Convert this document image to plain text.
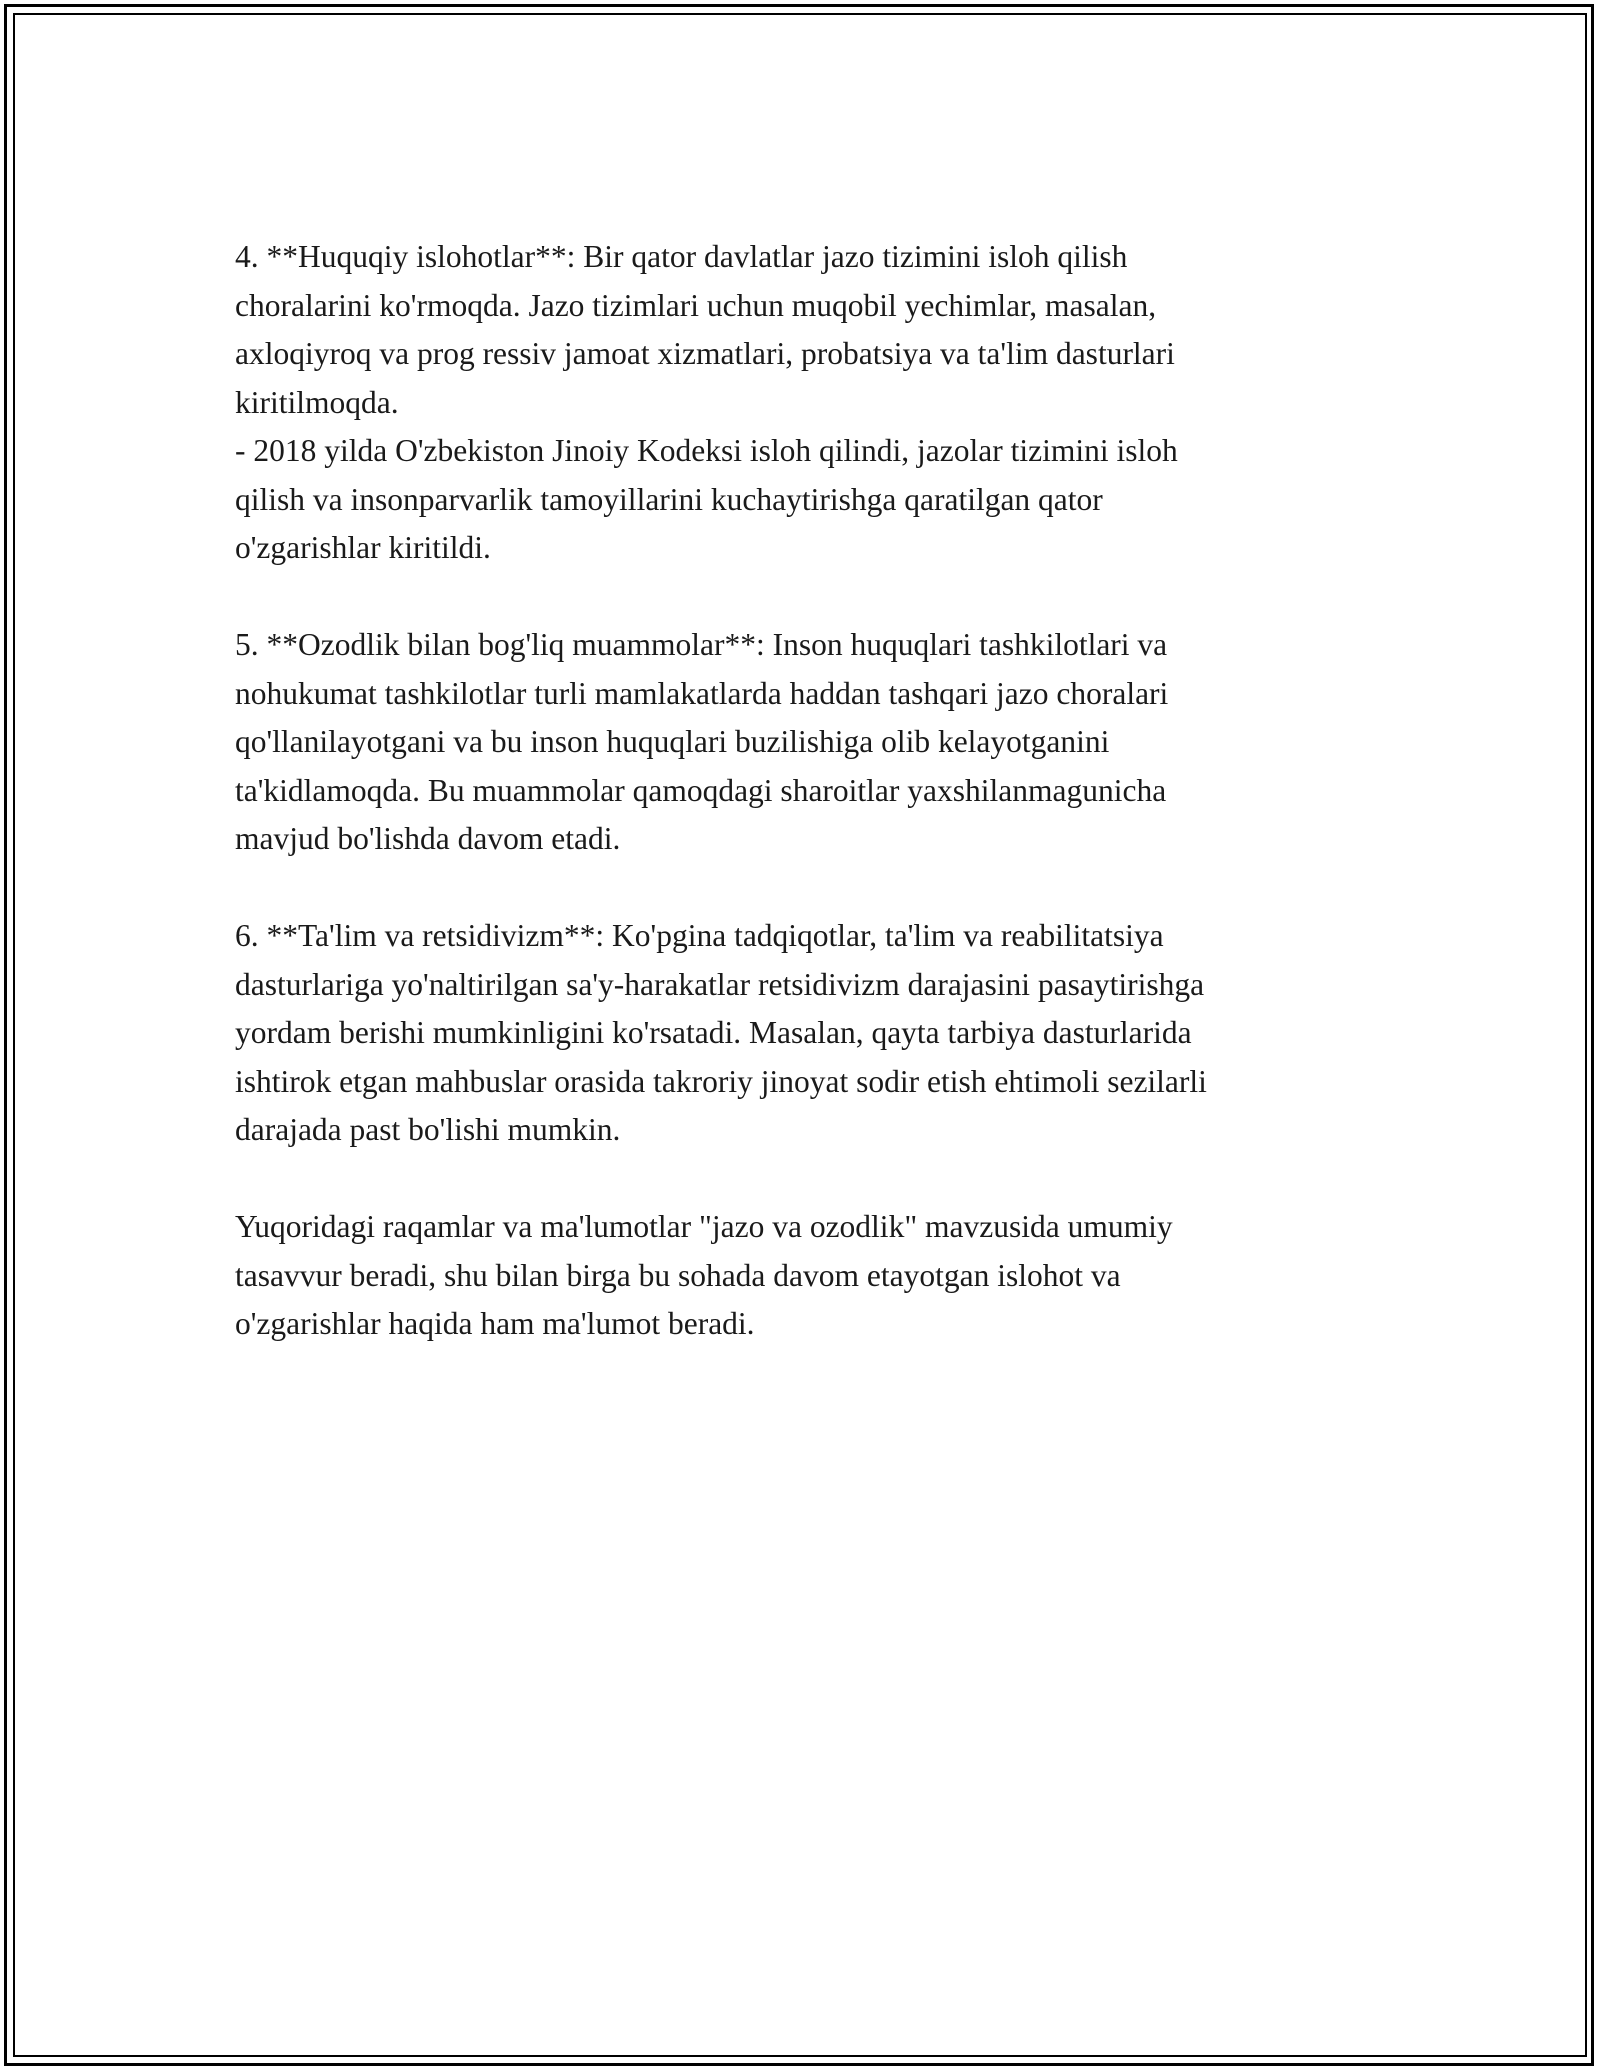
4. **Huquqiy islohotlar**: Bir qator davlatlar jazo tizimini isloh qilish
choralarini ko'rmoqda. Jazo tizimlari uchun muqobil yechimlar, masalan,
axloqiyroq va prog ressiv jamoat xizmatlari, probatsiya va ta'lim dasturlari
kiritilmoqda.

- 2018 yilda O'zbekiston Jinoiy Kodeksi isloh qilindi, jazolar tizimini isloh
qilish va insonparvarlik tamoyillarini kuchaytirishga qaratilgan qator
o'zgarishlar kiritildi.

5. **Ozodlik bilan bog'liq muammolar**: Inson huquqlari tashkilotlari va
nohukumat tashkilotlar turli mamlakatlarda haddan tashqari jazo choralari
qo'llanilayotgani va bu inson huquqlari buzilishiga olib kelayotganini
ta'kidlamoqda. Bu muammolar qamoqdagi sharoitlar yaxshilanmagunicha
mavjud bo'lishda davom etadi.

6. **Ta'lim va retsidivizm**: Ko'pgina tadqiqotlar, ta'lim va reabilitatsiya
dasturlariga yo'naltirilgan sa'y-harakatlar retsidivizm darajasini pasaytirishga
yordam berishi mumkinligini ko'rsatadi. Masalan, qayta tarbiya dasturlarida
ishtirok etgan mahbuslar orasida takroriy jinoyat sodir etish ehtimoli sezilarli
darajada past bo'lishi mumkin.

Yuqoridagi raqamlar va ma'lumotlar "jazo va ozodlik" mavzusida umumiy
tasavvur beradi, shu bilan birga bu sohada davom etayotgan islohot va
o'zgarishlar haqida ham ma'lumot beradi.
